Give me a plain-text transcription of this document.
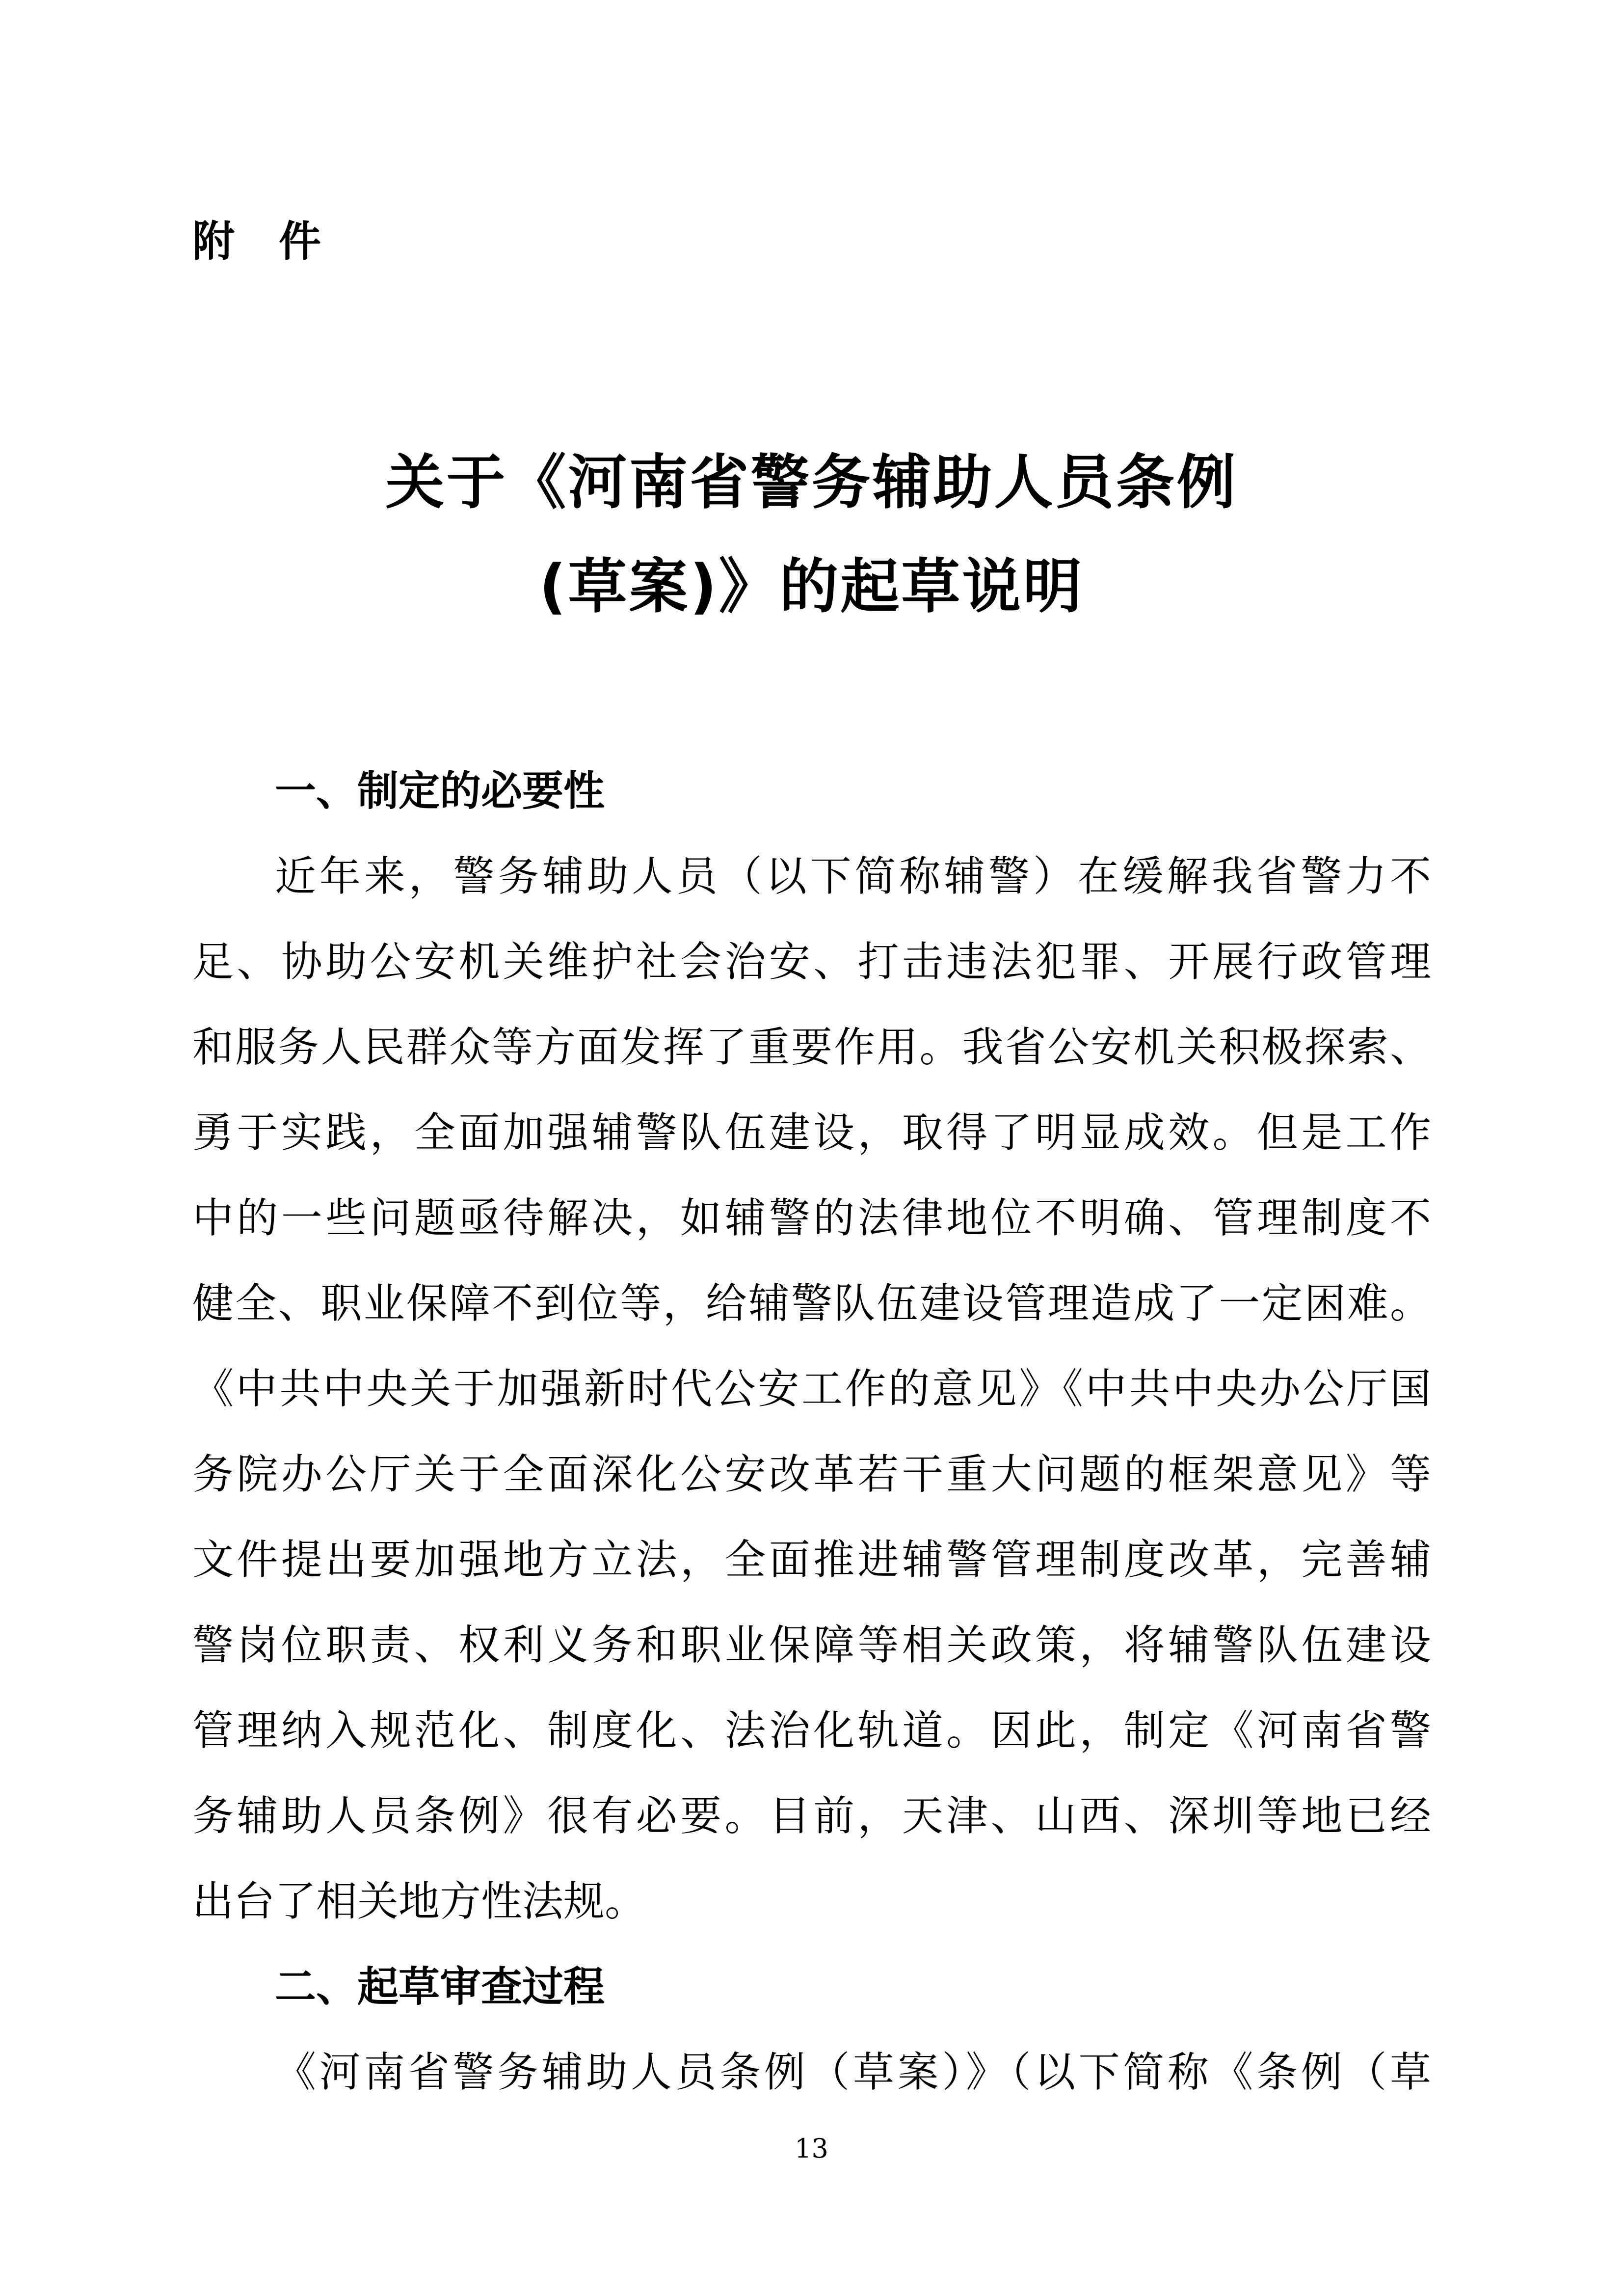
附　件
关于《河南省警务辅助人员条例
(草案)》的起草说明
一、制定的必要性
近年来，警务辅助人员（以下简称辅警）在缓解我省警力不
足、协助公安机关维护社会治安、打击违法犯罪、开展行政管理
和服务人民群众等方面发挥了重要作用。我省公安机关积极探索、
勇于实践，全面加强辅警队伍建设，取得了明显成效。但是工作
中的一些问题亟待解决，如辅警的法律地位不明确、管理制度不
健全、职业保障不到位等，给辅警队伍建设管理造成了一定困难。
《中共中央关于加强新时代公安工作的意见》《中共中央办公厅国
务院办公厅关于全面深化公安改革若干重大问题的框架意见》等
文件提出要加强地方立法，全面推进辅警管理制度改革，完善辅
警岗位职责、权利义务和职业保障等相关政策，将辅警队伍建设
管理纳入规范化、制度化、法治化轨道。因此，制定《河南省警
务辅助人员条例》很有必要。目前，天津、山西、深圳等地已经
出台了相关地方性法规。
二、起草审查过程
《河南省警务辅助人员条例（草案）》（以下简称《条例（草
13
